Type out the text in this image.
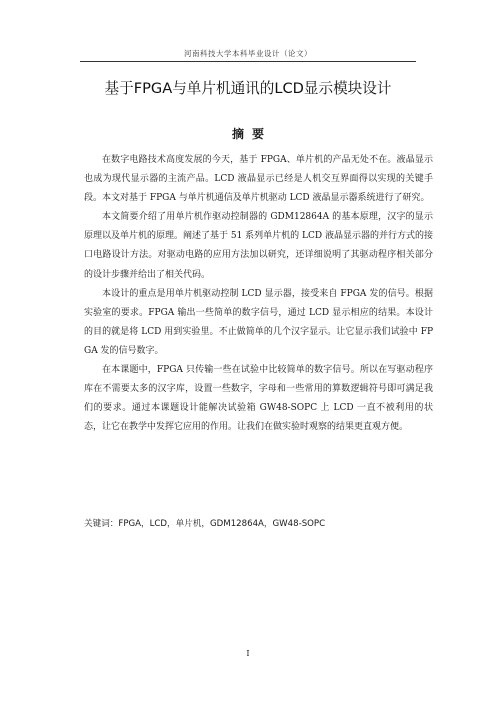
河南科技大学本科毕业设计（论文）
基于FPGA与单片机通讯的LCD显示模块设计
摘要

在数字电路技术高度发展的今天，基于 FPGA、单片机的产品无处不在。液晶显示也成为现代显示器的主流产品。LCD 液晶显示已经是人机交互界面得以实现的关键手段。本文对基于 FPGA 与单片机通信及单片机驱动 LCD 液晶显示器系统进行了研究。

本文简要介绍了用单片机作驱动控制器的 GDM12864A 的基本原理，汉字的显示原理以及单片机的原理。阐述了基于 51 系列单片机的 LCD 液晶显示器的并行方式的接口电路设计方法。对驱动电路的应用方法加以研究，还详细说明了其驱动程序相关部分的设计步骤并给出了相关代码。

本设计的重点是用单片机驱动控制 LCD 显示器，接受来自 FPGA 发的信号。根据实验室的要求。FPGA 输出一些简单的数字信号，通过 LCD 显示相应的结果。本设计的目的就是将 LCD 用到实验里。不止做简单的几个汉字显示。让它显示我们试验中 FPGA 发的信号数字。

在本课题中，FPGA 只传输一些在试验中比较简单的数字信号。所以在写驱动程序库在不需要太多的汉字库，设置一些数字，字母和一些常用的算数逻辑符号即可满足我们的要求。通过本课题设计能解决试验箱 GW48-SOPC 上 LCD 一直不被利用的状态，让它在教学中发挥它应用的作用。让我们在做实验时观察的结果更直观方便。

关键词：FPGA，LCD，单片机，GDM12864A，GW48-SOPC
I
